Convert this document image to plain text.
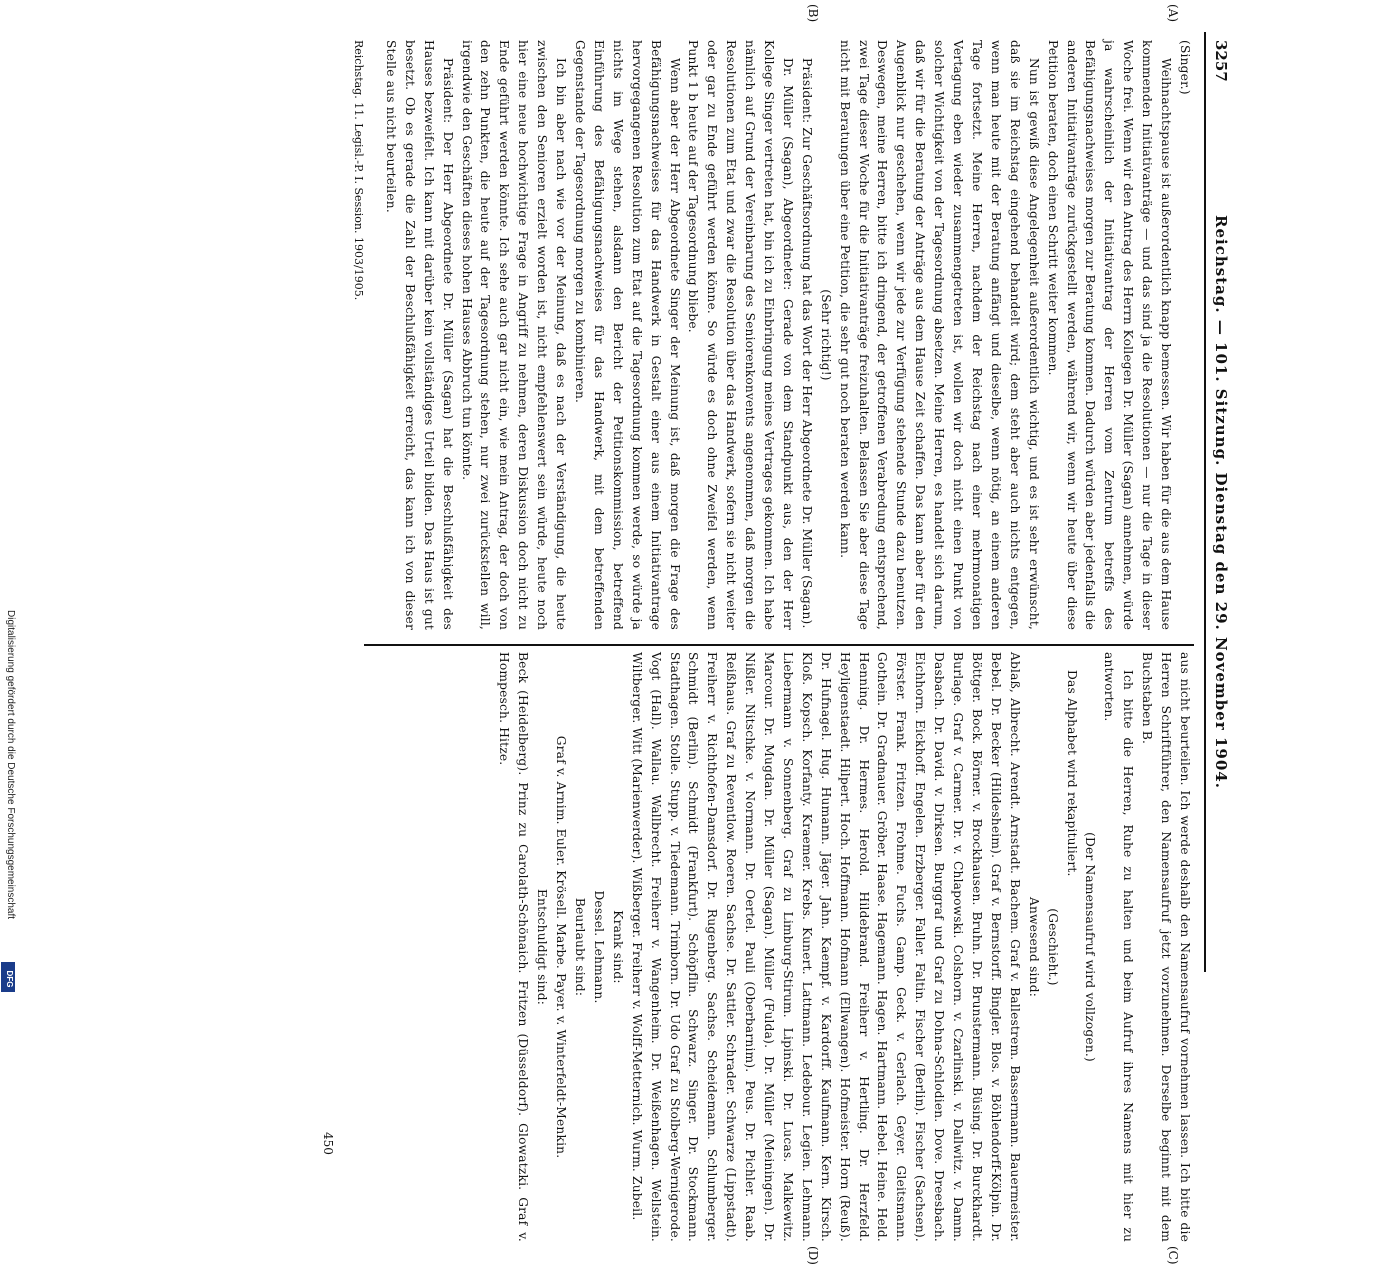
3257
Reichstag. — 101. Sitzung. Dienstag den 29. November 1904.
(A)
(B)
(C)
(D)

(Singer.)

Weihnachtspause ist außerordentlich knapp bemessen. Wir haben für die aus dem Hause kommenden Initiativanträge — und das sind ja die Resolutionen — nur die Tage in dieser Woche frei. Wenn wir den Antrag des Herrn Kollegen Dr. Müller (Sagan) annehmen, würde ja wahrscheinlich der Initiativantrag der Herren vom Zentrum betreffs des Befähigungsnachweises morgen zur Beratung kommen. Dadurch würden aber jedenfalls die anderen Initiativanträge zurückgestellt werden, während wir, wenn wir heute über diese Petition beraten, doch einen Schritt weiter kommen.

Nun ist gewiß diese Angelegenheit außerordentlich wichtig, und es ist sehr erwünscht, daß sie im Reichstag eingehend behandelt wird; dem steht aber auch nichts entgegen, wenn man heute mit der Beratung anfängt und dieselbe, wenn nötig, an einem anderen Tage fortsetzt. Meine Herren, nachdem der Reichstag nach einer mehrmonatigen Vertagung eben wieder zusammengetreten ist, wollen wir doch nicht einen Punkt von solcher Wichtigkeit von der Tagesordnung absetzen. Meine Herren, es handelt sich darum, daß wir für die Beratung der Anträge aus dem Hause Zeit schaffen. Das kann aber für den Augenblick nur geschehen, wenn wir jede zur Verfügung stehende Stunde dazu benutzen. Deswegen, meine Herren, bitte ich dringend, der getroffenen Verabredung entsprechend, zwei Tage dieser Woche für die Initiativanträge freizuhalten. Belassen Sie aber diese Tage nicht mit Beratungen über eine Petition, die sehr gut noch beraten werden kann.

(Sehr richtig!)

Präsident: Zur Geschäftsordnung hat das Wort der Herr Abgeordnete Dr. Müller (Sagan).

Dr. Müller (Sagan), Abgeordneter: Gerade von dem Standpunkt aus, den der Herr Kollege Singer vertreten hat, bin ich zu Einbringung meines Vertrages gekommen. Ich habe nämlich auf Grund der Vereinbarung des Seniorenkonvents angenommen, daß morgen die Resolutionen zum Etat und zwar die Resolution über das Handwerk, sofern sie nicht weiter oder gar zu Ende geführt werden könne. So würde es doch ohne Zweifel werden, wenn Punkt 1 b heute auf der Tagesordnung bliebe.

Wenn aber der Herr Abgeordnete Singer der Meinung ist, daß morgen die Frage des Befähigungsnachweises für das Handwerk in Gestalt einer aus einem Initiativantrage hervorgegangenen Resolution zum Etat auf die Tagesordnung kommen werde, so würde ja nichts im Wege stehen, alsdann den Bericht der Petitionskommission, betreffend Einführung des Befähigungsnachweises für das Handwerk, mit dem betreffenden Gegenstande der Tagesordnung morgen zu kombinieren.

Ich bin aber nach wie vor der Meinung, daß es nach der Verständigung, die heute zwischen den Senioren erzielt worden ist, nicht empfehlenswert sein würde, heute noch hier eine neue hochwichtige Frage in Angriff zu nehmen, deren Diskussion doch nicht zu Ende geführt werden könnte. Ich sehe auch gar nicht ein, wie mein Antrag, der doch von den zehn Punkten, die heute auf der Tagesordnung stehen, nur zwei zurückstellen will, irgendwie den Geschäften dieses hohen Hauses Abbruch tun könnte.

Präsident: Der Herr Abgeordnete Dr. Müller (Sagan) hat die Beschlußfähigkeit des Hauses bezweifelt. Ich kann mit darüber kein vollständiges Urteil bilden. Das Haus ist gut besetzt. Ob es gerade die Zahl der Beschlußfähigkeit erreicht, das kann ich von dieser Stelle aus nicht beurteilen.

aus nicht beurteilen. Ich werde deshalb den Namensaufruf vornehmen lassen. Ich bitte die Herren Schriftführer, den Namensaufruf jetzt vorzunehmen. Derselbe beginnt mit dem Buchstaben B.

Ich bitte die Herren, Ruhe zu halten und beim Aufruf ihres Namens mit hier zu antworten.

(Der Namensaufruf wird vollzogen.)

Das Alphabet wird rekapituliert.

(Geschieht.)

Anwesend sind:

Ablaß, Albrecht. Arendt. Arnstadt. Bachem. Graf v. Ballestrem. Bassermann. Bauermeister. Bebel. Dr. Becker (Hildesheim). Graf v. Bernstorff. Bingler. Blos. v. Böhlendorff-Kölpin. Dr. Böttger. Bock. Börner. v. Brockhausen. Bruhn. Dr. Brunstermann. Büsing. Dr. Burckhardt. Burlage. Graf v. Carmer. Dr. v. Chlapowski. Colshorn. v. Czarlinski. v. Dallwitz. v. Damm. Dasbach. Dr. David. v. Dirksen. Burggraf und Graf zu Dohna-Schlodien. Dove. Dreesbach. Eichhorn. Eickhoff. Engelen. Erzberger. Faller. Faltin. Fischer (Berlin). Fischer (Sachsen). Förster. Frank. Fritzen. Frohme. Fuchs. Gamp. Geck. v. Gerlach. Geyer. Gleitsmann. Gothein. Dr. Gradnauer. Gröber. Haase. Hagemann. Hagen. Hartmann. Hebel. Heine. Held. Henning. Dr. Hermes. Herold. Hildebrand. Freiherr v. Hertling. Dr. Herzfeld. Heyligenstaedt. Hilpert. Hoch. Hoffmann. Hofmann (Ellwangen). Hofmeister. Horn (Reuß). Dr. Hufnagel. Hug. Humann. Jäger. Jahn. Kaempf. v. Kardorff. Kaufmann. Kern. Kirsch. Kloß. Kopsch. Korfanty. Kraemer. Krebs. Kunert. Lattmann. Ledebour. Legien. Lehmann. Liebermann v. Sonnenberg. Graf zu Limburg-Stirum. Lipinski. Dr. Lucas. Malkewitz. Marcour. Dr. Mugdan. Dr. Müller (Sagan). Müller (Fulda). Dr. Müller (Meiningen). Dr. Nißler. Nitschke. v. Normann. Dr. Oertel. Pauli (Oberbarnim). Peus. Dr. Pichler. Raab. Reißhaus. Graf zu Reventlow. Roeren. Sachse. Dr. Sattler. Schrader. Schwarze (Lippstadt). Freiherr v. Richthofen-Damsdorf. Dr. Rugenberg. Sachse. Scheidemann. Schlumberger. Schmidt (Berlin). Schmidt (Frankfurt). Schöpflin. Schwarz. Singer. Dr. Stockmann. Stadthagen. Stolle. Stupp. v. Tiedemann. Trimborn. Dr. Udo Graf zu Stolberg-Wernigerode. Vogt (Hall). Wallau. Wallbrecht. Freiherr v. Wangenheim. Dr. Weißenhagen. Wellstein. Wiltberger. Witt (Marienwerder). Wißberger. Freiherr v. Wolff-Metternich. Wurm. Zubeil.

Krank sind:

Dessel. Lehmann.

Beurlaubt sind:

Graf v. Arnim. Euler. Krösell. Marbe. Payer. v. Winterfeldt-Menkin.

Entschuldigt sind:

Beck (Heidelberg). Prinz zu Carolath-Schönaich. Fritzen (Düsseldorf). Glowatzki. Graf v. Hompesch. Hitze.

Reichstag. 11. Legisl.-P. I. Session. 1903/1905.
450
Digitalisierung gefördert durch die Deutsche Forschungsgemeinschaft
DFG
